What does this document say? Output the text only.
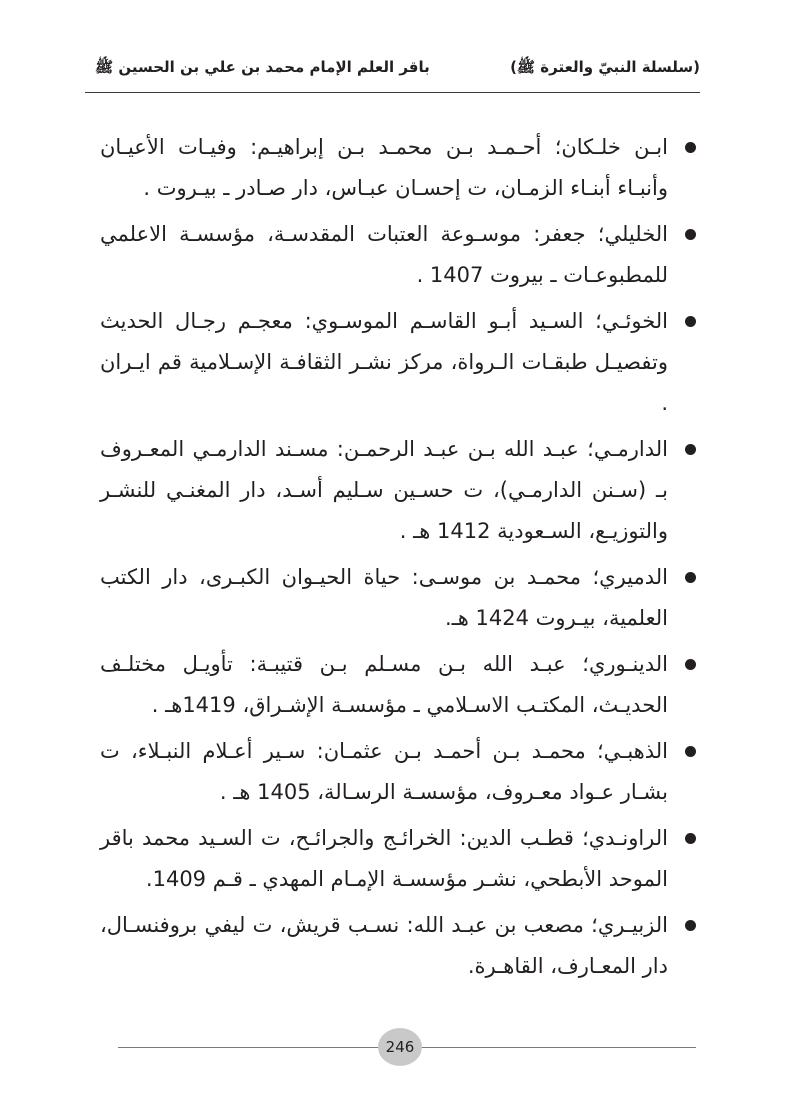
(سلسلة النبيّ والعترة ﷺ)
باقر العلم الإمام محمد بن علي بن الحسين ﷺ
ابـن خلـكان؛ أحـمـد بـن محمـد بـن إبراهيـم: وفيـات الأعيـان وأنبـاء أبنـاء الزمـان، ت إحسـان عبـاس، دار صـادر ـ بيـروت .
الخليلي؛ جعفر: موسـوعة العتبات المقدسـة، مؤسسـة الاعلمي للمطبوعـات ـ بيروت 1407 .
الخوئـي؛ السـيد أبـو القاسـم الموسـوي: معجـم رجـال الحديث وتفصيـل طبقـات الـرواة، مركز نشـر الثقافـة الإسـلامية قم ايـران .
الدارمـي؛ عبـد الله بـن عبـد الرحمـن: مسـند الدارمـي المعـروف بـ (سـنن الدارمـي)، ت حسـين سـليم أسـد، دار المغنـي للنشـر والتوزيـع، السـعودية 1412 هـ .
الدميري؛ محمـد بن موسـى: حياة الحيـوان الكبـرى، دار الكتب العلمية، بيـروت 1424 هـ.
الدينـوري؛ عبـد الله بـن مسـلم بـن قتيبـة: تأويـل مختلـف الحديـث، المكتـب الاسـلامي ـ مؤسسـة الإشـراق، 1419هـ .
الذهبـي؛ محمـد بـن أحمـد بـن عثمـان: سـير أعـلام النبـلاء، ت بشـار عـواد معـروف، مؤسسـة الرسـالة، 1405 هـ .
الراونـدي؛ قطـب الدين: الخرائـج والجرائـح، ت السـيد محمد باقر الموحد الأبطحي، نشـر مؤسسـة الإمـام المهدي ـ قـم 1409.
الزبيـري؛ مصعب بن عبـد الله: نسـب قريش، ت ليفي بروفنسـال، دار المعـارف، القاهـرة.
246
